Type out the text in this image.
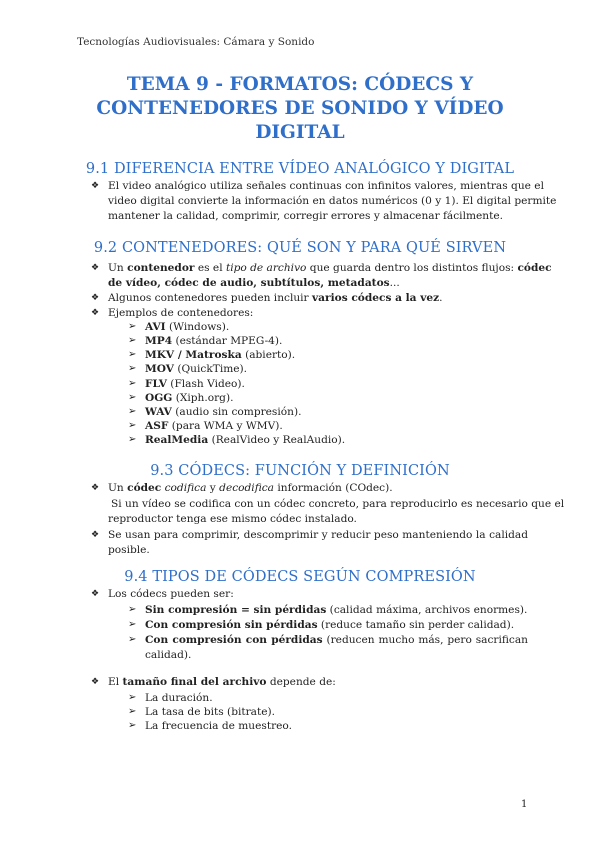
Tecnologías Audiovisuales: Cámara y Sonido
TEMA 9 - FORMATOS: CÓDECS Y
CONTENEDORES DE SONIDO Y VÍDEO
DIGITAL
9.1 DIFERENCIA ENTRE VÍDEO ANALÓGICO Y DIGITAL
❖ El video analógico utiliza señales continuas con infinitos valores, mientras que el
video digital convierte la información en datos numéricos (0 y 1). El digital permite
mantener la calidad, comprimir, corregir errores y almacenar fácilmente.
9.2 CONTENEDORES: QUÉ SON Y PARA QUÉ SIRVEN
❖ Un contenedor es el tipo de archivo que guarda dentro los distintos flujos: códec
de vídeo, códec de audio, subtítulos, metadatos...
❖ Algunos contenedores pueden incluir varios códecs a la vez.
❖ Ejemplos de contenedores:
➢ AVI (Windows).
➢ MP4 (estándar MPEG-4).
➢ MKV / Matroska (abierto).
➢ MOV (QuickTime).
➢ FLV (Flash Video).
➢ OGG (Xiph.org).
➢ WAV (audio sin compresión).
➢ ASF (para WMA y WMV).
➢ RealMedia (RealVideo y RealAudio).
9.3 CÓDECS: FUNCIÓN Y DEFINICIÓN
❖ Un códec codifica y decodifica información (COdec).
Si un vídeo se codifica con un códec concreto, para reproducirlo es necesario que el
reproductor tenga ese mismo códec instalado.
❖ Se usan para comprimir, descomprimir y reducir peso manteniendo la calidad
posible.
9.4 TIPOS DE CÓDECS SEGÚN COMPRESIÓN
❖ Los códecs pueden ser:
➢ Sin compresión = sin pérdidas (calidad máxima, archivos enormes).
➢ Con compresión sin pérdidas (reduce tamaño sin perder calidad).
➢ Con compresión con pérdidas (reducen mucho más, pero sacrifican
calidad).
❖ El tamaño final del archivo depende de:
➢ La duración.
➢ La tasa de bits (bitrate).
➢ La frecuencia de muestreo.
1
